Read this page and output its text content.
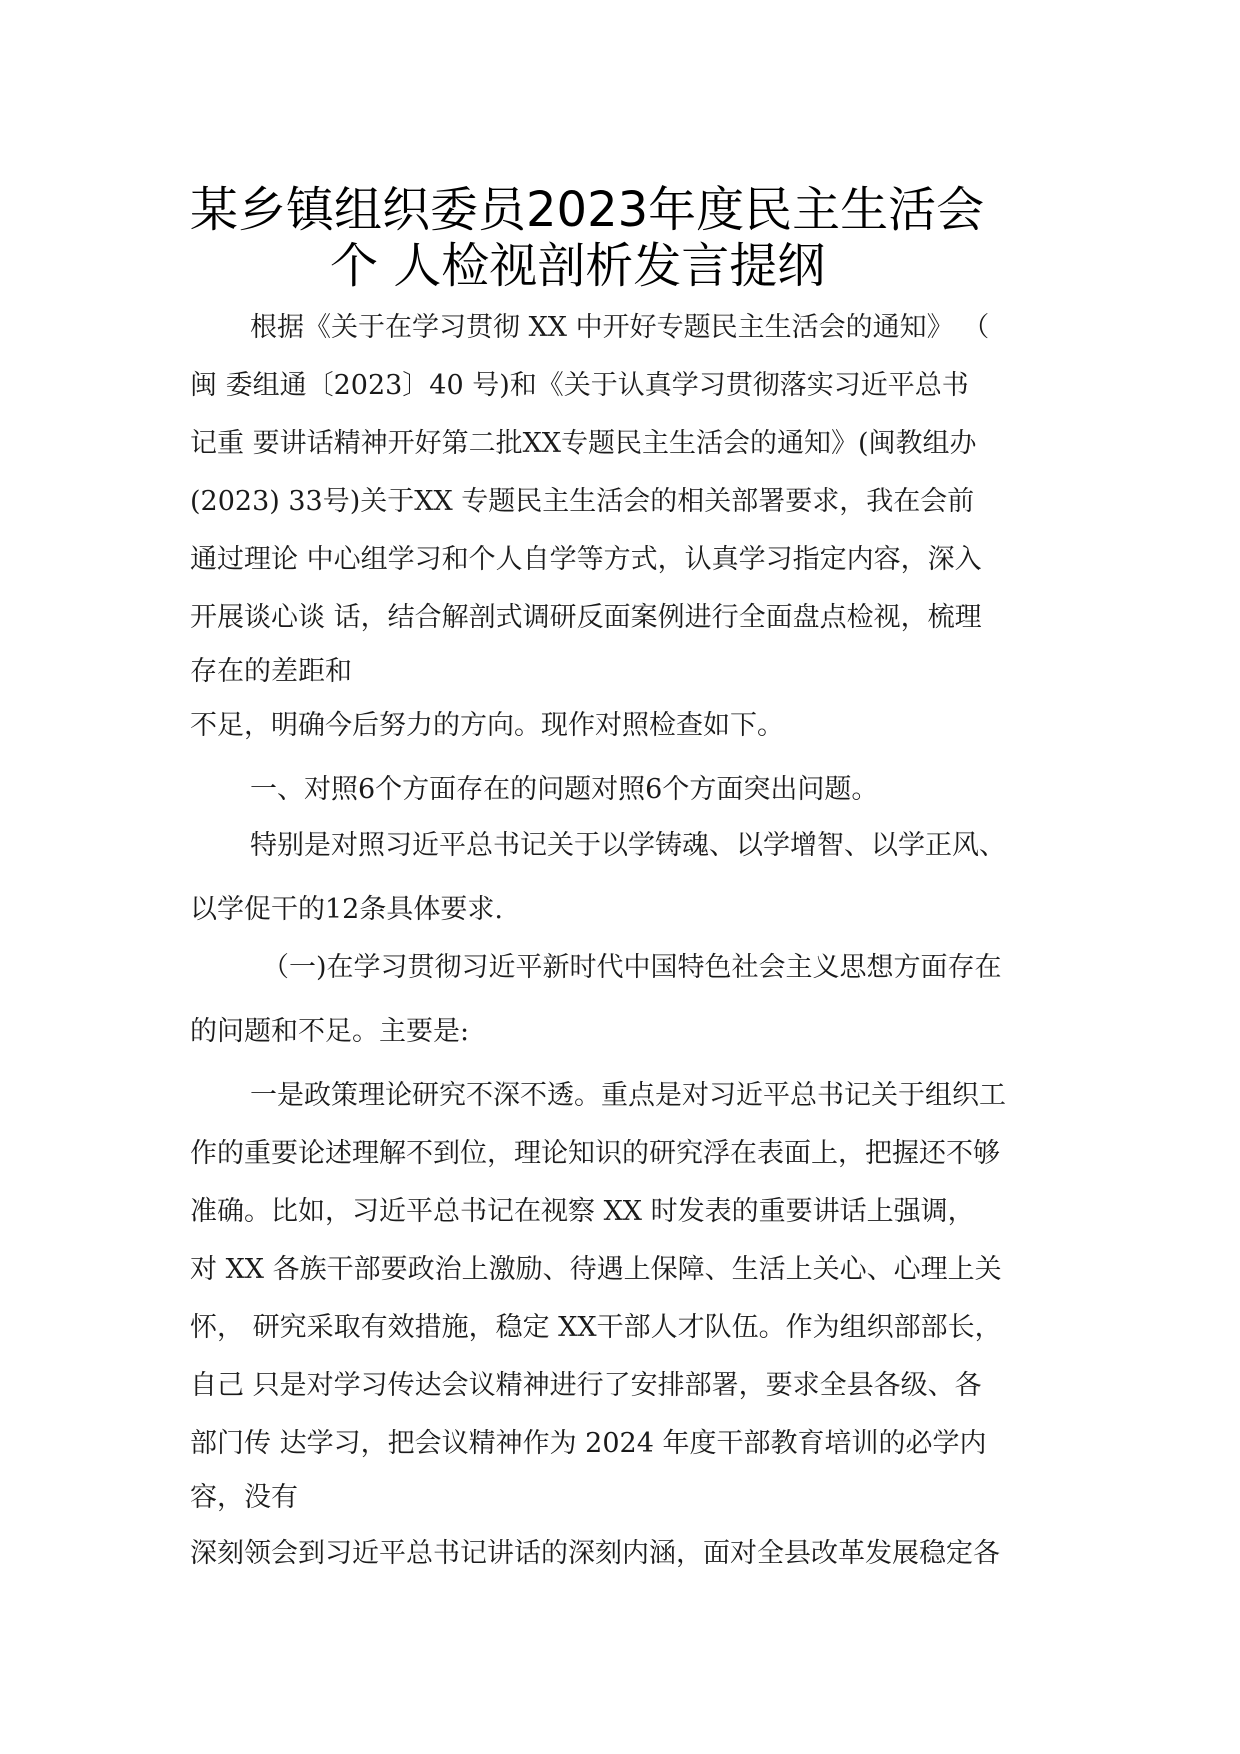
某乡镇组织委员2023年度民主生活会
个 人检视剖析发言提纲
根据《关于在学习贯彻 XX 中开好专题民主生活会的通知》 （
闽 委组通〔2023〕40 号)和《关于认真学习贯彻落实习近平总书
记重 要讲话精神开好第二批XX专题民主生活会的通知》(闽教组办
(2023) 33号)关于XX 专题民主生活会的相关部署要求，我在会前
通过理论 中心组学习和个人自学等方式，认真学习指定内容，深入
开展谈心谈 话，结合解剖式调研反面案例进行全面盘点检视，梳理
存在的差距和
不足，明确今后努力的方向。现作对照检查如下。
一、对照6个方面存在的问题对照6个方面突出问题。
特别是对照习近平总书记关于以学铸魂、以学增智、以学正风、
以学促干的12条具体要求.
（一)在学习贯彻习近平新时代中国特色社会主义思想方面存在
的问题和不足。主要是:
一是政策理论研究不深不透。重点是对习近平总书记关于组织工
作的重要论述理解不到位，理论知识的研究浮在表面上，把握还不够
准确。比如，习近平总书记在视察 XX 时发表的重要讲话上强调，
对 XX 各族干部要政治上激励、待遇上保障、生活上关心、心理上关
怀， 研究采取有效措施，稳定 XX干部人才队伍。作为组织部部长，
自己 只是对学习传达会议精神进行了安排部署，要求全县各级、各
部门传 达学习，把会议精神作为 2024 年度干部教育培训的必学内
容，没有
深刻领会到习近平总书记讲话的深刻内涵，面对全县改革发展稳定各
